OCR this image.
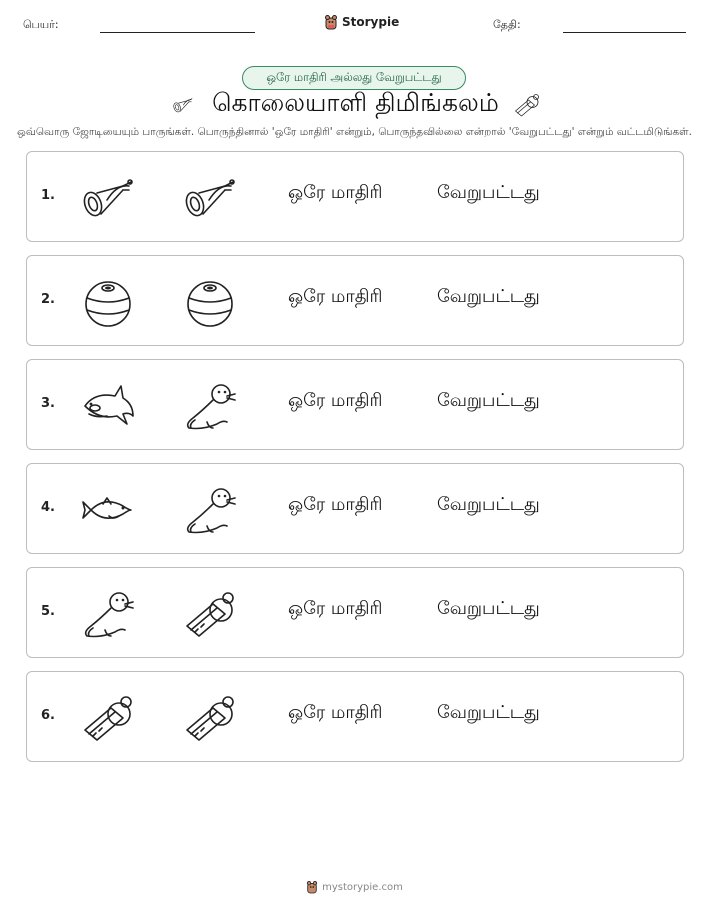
பெயர்:	Storypie	தேதி:
ஒரே மாதிரி அல்லது வேறுபட்டது
கொலையாளி திமிங்கலம்
ஒவ்வொரு ஜோடியையும் பாருங்கள். பொருந்தினால் 'ஒரே மாதிரி' என்றும், பொருந்தவில்லை என்றால் 'வேறுபட்டது' என்றும் வட்டமிடுங்கள்.
1.	ஒரே மாதிரி	வேறுபட்டது
2.	ஒரே மாதிரி	வேறுபட்டது
3.	ஒரே மாதிரி	வேறுபட்டது
4.	ஒரே மாதிரி	வேறுபட்டது
5.	ஒரே மாதிரி	வேறுபட்டது
6.	ஒரே மாதிரி	வேறுபட்டது
mystorypie.com
